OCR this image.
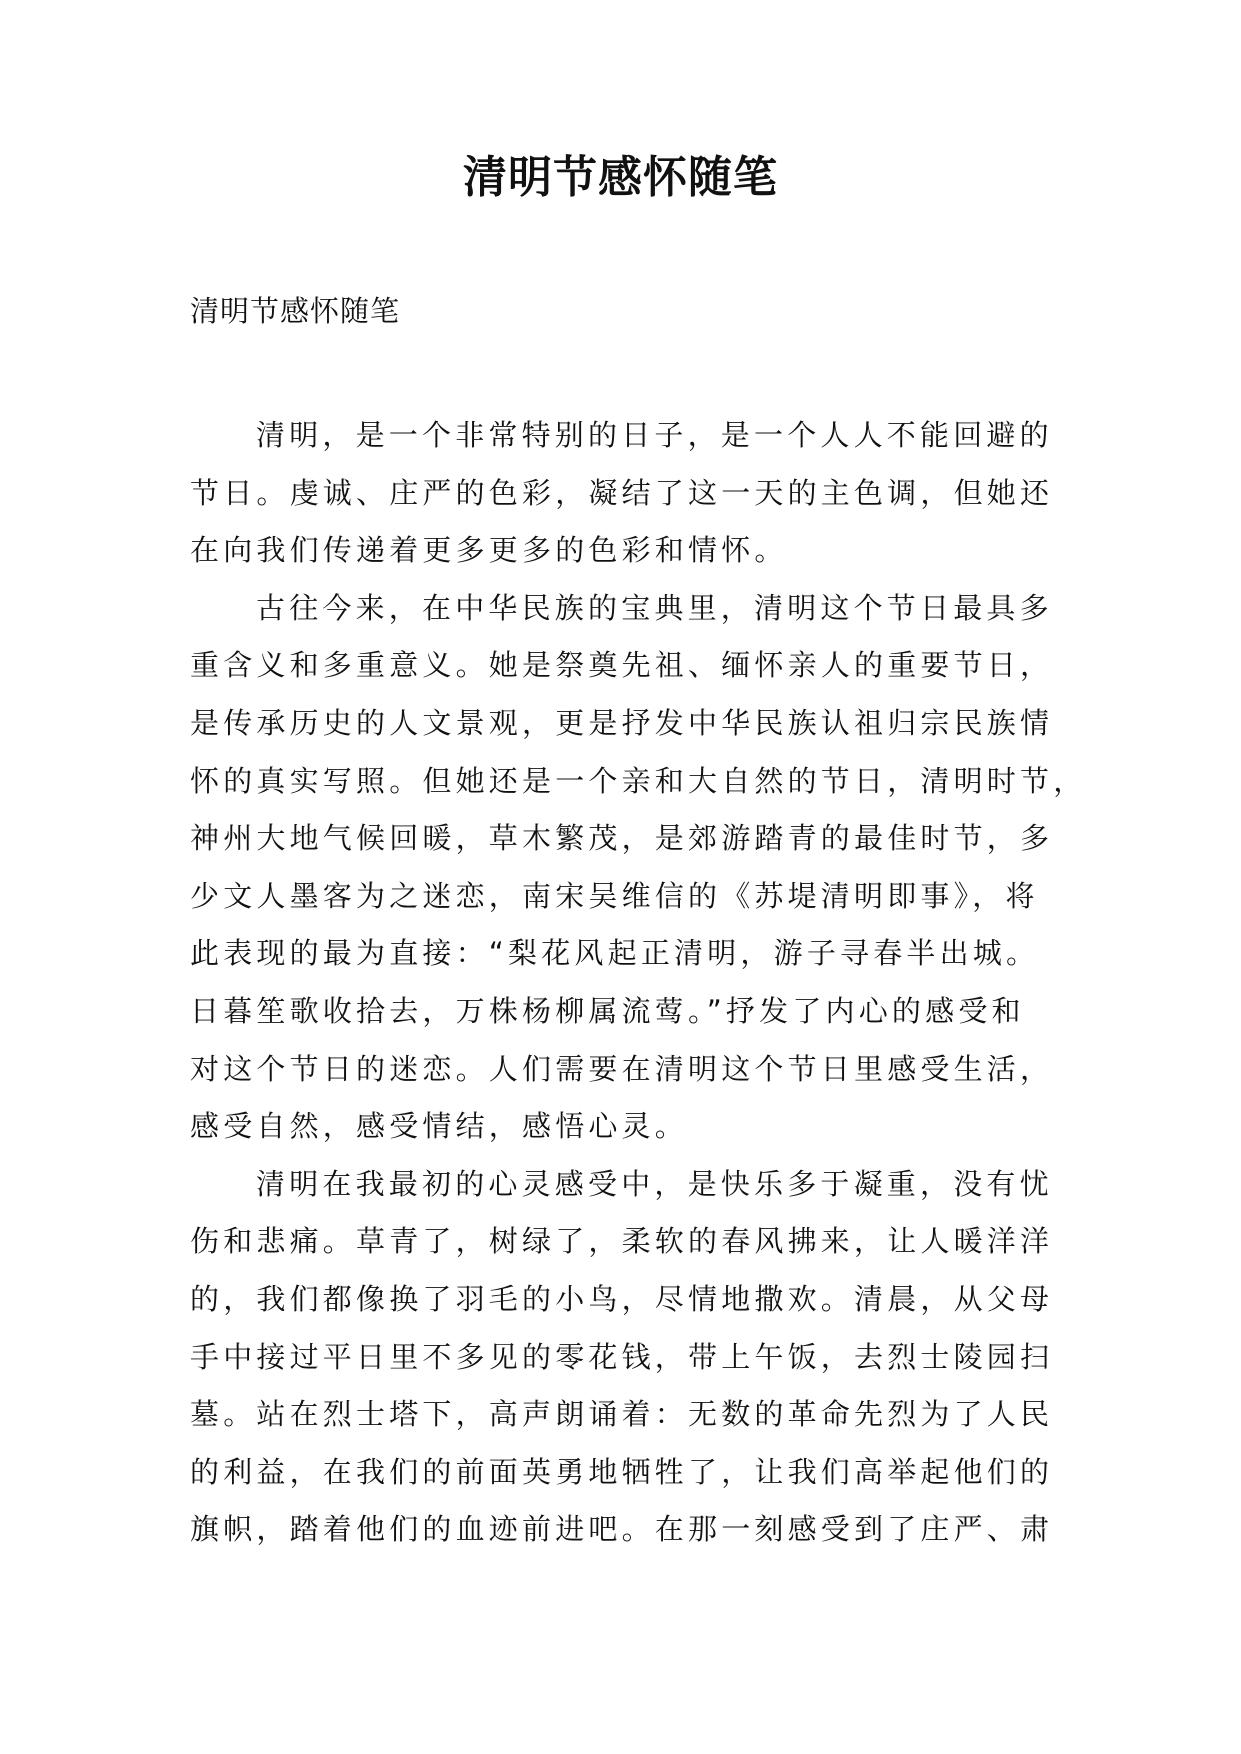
清明节感怀随笔

清明节感怀随笔

清明，是一个非常特别的日子，是一个人人不能回避的
节日。虔诚、庄严的色彩，凝结了这一天的主色调，但她还
在向我们传递着更多更多的色彩和情怀。
古往今来，在中华民族的宝典里，清明这个节日最具多
重含义和多重意义。她是祭奠先祖、缅怀亲人的重要节日，
是传承历史的人文景观，更是抒发中华民族认祖归宗民族情
怀的真实写照。但她还是一个亲和大自然的节日，清明时节，
神州大地气候回暖，草木繁茂，是郊游踏青的最佳时节，多
少文人墨客为之迷恋，南宋吴维信的《苏堤清明即事》，将
此表现的最为直接：“梨花风起正清明，游子寻春半出城。
日暮笙歌收拾去，万株杨柳属流莺。”抒发了内心的感受和
对这个节日的迷恋。人们需要在清明这个节日里感受生活，
感受自然，感受情结，感悟心灵。
清明在我最初的心灵感受中，是快乐多于凝重，没有忧
伤和悲痛。草青了，树绿了，柔软的春风拂来，让人暖洋洋
的，我们都像换了羽毛的小鸟，尽情地撒欢。清晨，从父母
手中接过平日里不多见的零花钱，带上午饭，去烈士陵园扫
墓。站在烈士塔下，高声朗诵着：无数的革命先烈为了人民
的利益，在我们的前面英勇地牺牲了，让我们高举起他们的
旗帜，踏着他们的血迹前进吧。在那一刻感受到了庄严、肃
